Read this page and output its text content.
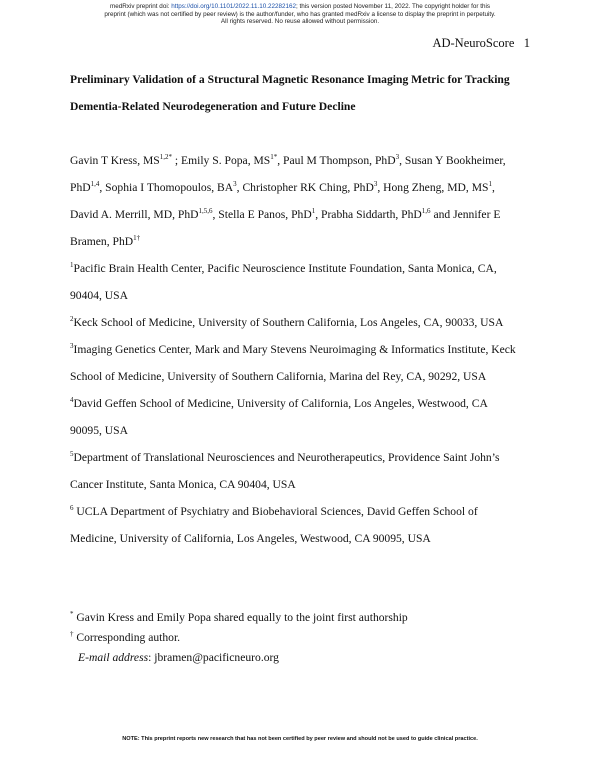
medRxiv preprint doi: https://doi.org/10.1101/2022.11.10.22282162; this version posted November 11, 2022. The copyright holder for this
preprint (which was not certified by peer review) is the author/funder, who has granted medRxiv a license to display the preprint in perpetuity.
All rights reserved. No reuse allowed without permission.
AD-NeuroScore   1
Preliminary Validation of a Structural Magnetic Resonance Imaging Metric for Tracking
Dementia-Related Neurodegeneration and Future Decline
Gavin T Kress, $MS^{1,2*}$ ; Emily S. Popa, $MS^{1*}$, Paul M Thompson, PhD$^3$, Susan Y Bookheimer,
PhD$^{1,4}$, Sophia I Thomopoulos, $BA^3$, Christopher RK Ching, PhD$^3$, Hong Zheng, MD, $MS^1$,
David A. Merrill, MD, PhD$^{1,5,6}$, Stella E Panos, PhD$^1$, Prabha Siddarth, PhD$^{1,6}$ and Jennifer E
Bramen, PhD$^{1\dagger}$
$^1$Pacific Brain Health Center, Pacific Neuroscience Institute Foundation, Santa Monica, CA,
90404, USA
$^2$Keck School of Medicine, University of Southern California, Los Angeles, CA, 90033, USA
$^3$Imaging Genetics Center, Mark and Mary Stevens Neuroimaging & Informatics Institute, Keck
School of Medicine, University of Southern California, Marina del Rey, CA, 90292, USA
$^4$David Geffen School of Medicine, University of California, Los Angeles, Westwood, CA
90095, USA
$^5$Department of Translational Neurosciences and Neurotherapeutics, Providence Saint John’s
Cancer Institute, Santa Monica, CA 90404, USA
$^6$ UCLA Department of Psychiatry and Biobehavioral Sciences, David Geffen School of
Medicine, University of California, Los Angeles, Westwood, CA 90095, USA
* Gavin Kress and Emily Popa shared equally to the joint first authorship
† Corresponding author.
E-mail address: jbramen@pacificneuro.org
NOTE: This preprint reports new research that has not been certified by peer review and should not be used to guide clinical practice.
